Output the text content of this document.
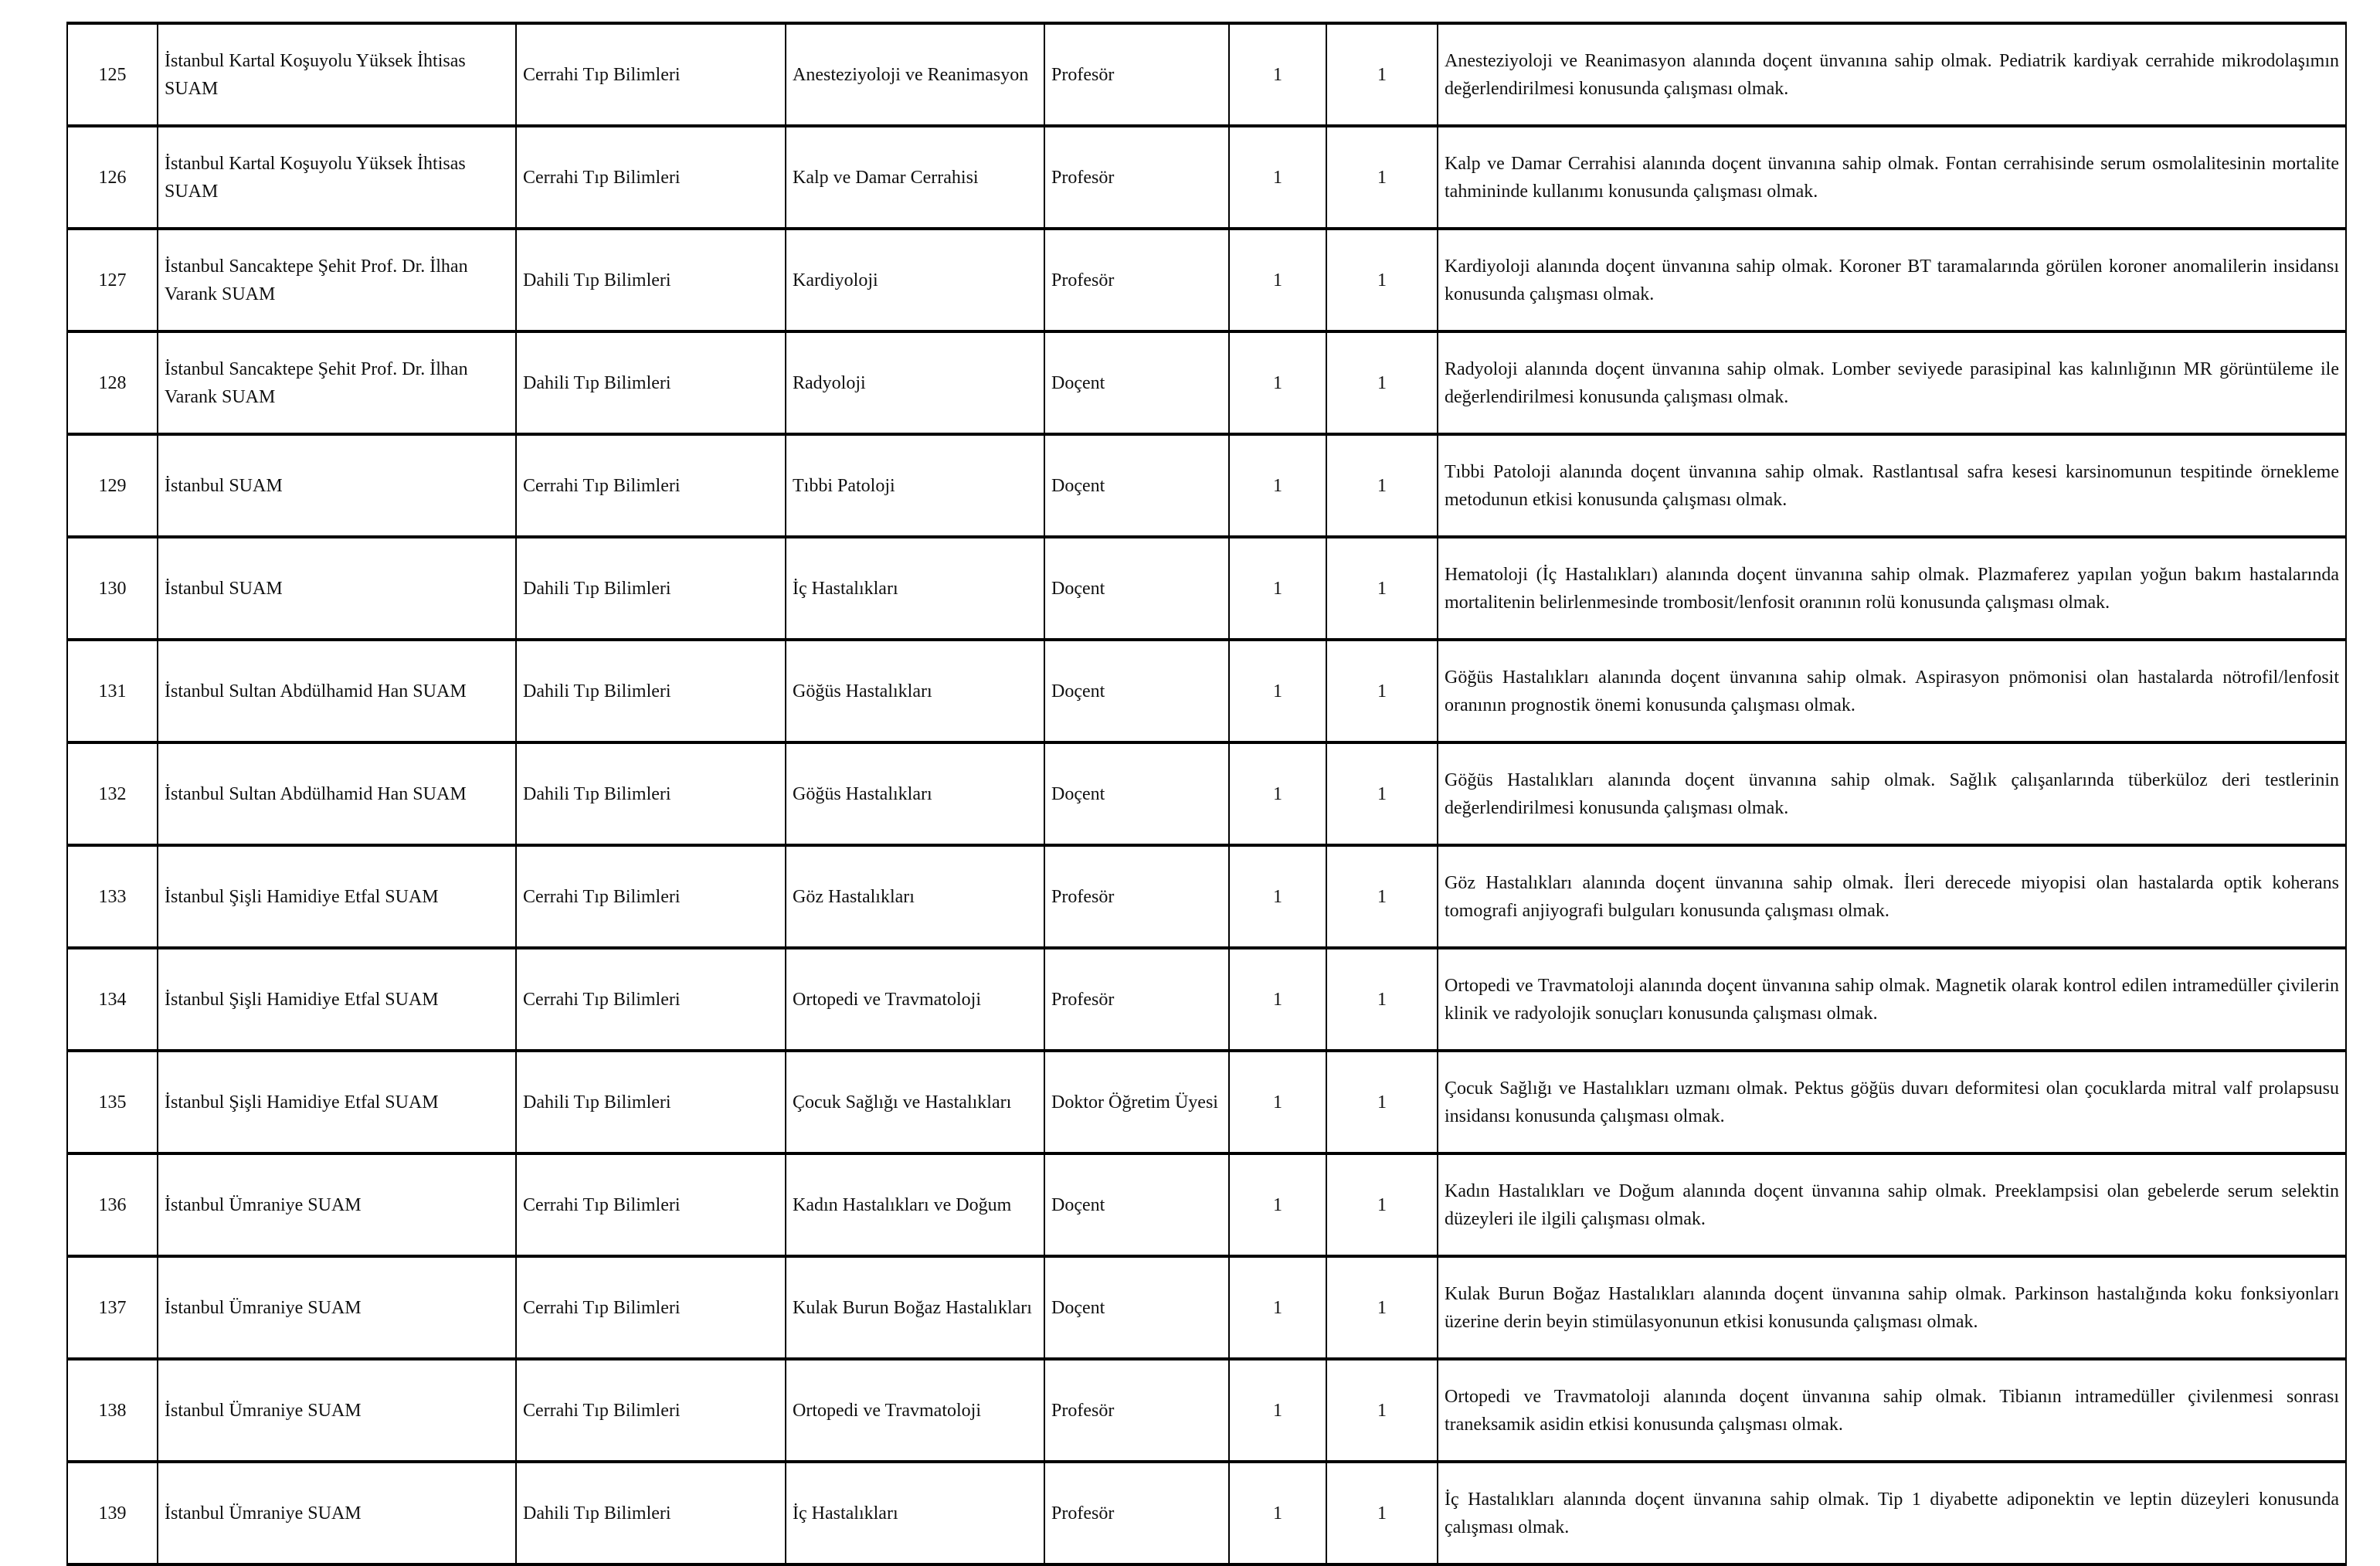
125	İstanbul Kartal Koşuyolu Yüksek İhtisas SUAM	Cerrahi Tıp Bilimleri	Anesteziyoloji ve Reanimasyon	Profesör	1	1	Anesteziyoloji ve Reanimasyon alanında doçent ünvanına sahip olmak. Pediatrik kardiyak cerrahide mikrodolaşımın değerlendirilmesi konusunda çalışması olmak.
126	İstanbul Kartal Koşuyolu Yüksek İhtisas SUAM	Cerrahi Tıp Bilimleri	Kalp ve Damar Cerrahisi	Profesör	1	1	Kalp ve Damar Cerrahisi alanında doçent ünvanına sahip olmak. Fontan cerrahisinde serum osmolalitesinin mortalite tahmininde kullanımı konusunda çalışması olmak.
127	İstanbul Sancaktepe Şehit Prof. Dr. İlhan Varank SUAM	Dahili Tıp Bilimleri	Kardiyoloji	Profesör	1	1	Kardiyoloji alanında doçent ünvanına sahip olmak. Koroner BT taramalarında görülen koroner anomalilerin insidansı konusunda çalışması olmak.
128	İstanbul Sancaktepe Şehit Prof. Dr. İlhan Varank SUAM	Dahili Tıp Bilimleri	Radyoloji	Doçent	1	1	Radyoloji alanında doçent ünvanına sahip olmak. Lomber seviyede parasipinal kas kalınlığının MR görüntüleme ile değerlendirilmesi konusunda çalışması olmak.
129	İstanbul SUAM	Cerrahi Tıp Bilimleri	Tıbbi Patoloji	Doçent	1	1	Tıbbi Patoloji alanında doçent ünvanına sahip olmak. Rastlantısal safra kesesi karsinomunun tespitinde örnekleme metodunun etkisi konusunda çalışması olmak.
130	İstanbul SUAM	Dahili Tıp Bilimleri	İç Hastalıkları	Doçent	1	1	Hematoloji (İç Hastalıkları) alanında doçent ünvanına sahip olmak. Plazmaferez yapılan yoğun bakım hastalarında mortalitenin belirlenmesinde trombosit/lenfosit oranının rolü konusunda çalışması olmak.
131	İstanbul Sultan Abdülhamid Han SUAM	Dahili Tıp Bilimleri	Göğüs Hastalıkları	Doçent	1	1	Göğüs Hastalıkları alanında doçent ünvanına sahip olmak. Aspirasyon pnömonisi olan hastalarda nötrofil/lenfosit oranının prognostik önemi konusunda çalışması olmak.
132	İstanbul Sultan Abdülhamid Han SUAM	Dahili Tıp Bilimleri	Göğüs Hastalıkları	Doçent	1	1	Göğüs Hastalıkları alanında doçent ünvanına sahip olmak. Sağlık çalışanlarında tüberküloz deri testlerinin değerlendirilmesi konusunda çalışması olmak.
133	İstanbul Şişli Hamidiye Etfal SUAM	Cerrahi Tıp Bilimleri	Göz Hastalıkları	Profesör	1	1	Göz Hastalıkları alanında doçent ünvanına sahip olmak. İleri derecede miyopisi olan hastalarda optik koherans tomografi anjiyografi bulguları konusunda çalışması olmak.
134	İstanbul Şişli Hamidiye Etfal SUAM	Cerrahi Tıp Bilimleri	Ortopedi ve Travmatoloji	Profesör	1	1	Ortopedi ve Travmatoloji alanında doçent ünvanına sahip olmak. Magnetik olarak kontrol edilen intramedüller çivilerin klinik ve radyolojik sonuçları konusunda çalışması olmak.
135	İstanbul Şişli Hamidiye Etfal SUAM	Dahili Tıp Bilimleri	Çocuk Sağlığı ve Hastalıkları	Doktor Öğretim Üyesi	1	1	Çocuk Sağlığı ve Hastalıkları uzmanı olmak. Pektus göğüs duvarı deformitesi olan çocuklarda mitral valf prolapsusu insidansı konusunda çalışması olmak.
136	İstanbul Ümraniye SUAM	Cerrahi Tıp Bilimleri	Kadın Hastalıkları ve Doğum	Doçent	1	1	Kadın Hastalıkları ve Doğum alanında doçent ünvanına sahip olmak. Preeklampsisi olan gebelerde serum selektin düzeyleri ile ilgili çalışması olmak.
137	İstanbul Ümraniye SUAM	Cerrahi Tıp Bilimleri	Kulak Burun Boğaz Hastalıkları	Doçent	1	1	Kulak Burun Boğaz Hastalıkları alanında doçent ünvanına sahip olmak. Parkinson hastalığında koku fonksiyonları üzerine derin beyin stimülasyonunun etkisi konusunda çalışması olmak.
138	İstanbul Ümraniye SUAM	Cerrahi Tıp Bilimleri	Ortopedi ve Travmatoloji	Profesör	1	1	Ortopedi ve Travmatoloji alanında doçent ünvanına sahip olmak. Tibianın intramedüller çivilenmesi sonrası traneksamik asidin etkisi konusunda çalışması olmak.
139	İstanbul Ümraniye SUAM	Dahili Tıp Bilimleri	İç Hastalıkları	Profesör	1	1	İç Hastalıkları alanında doçent ünvanına sahip olmak. Tip 1 diyabette adiponektin ve leptin düzeyleri konusunda çalışması olmak.
